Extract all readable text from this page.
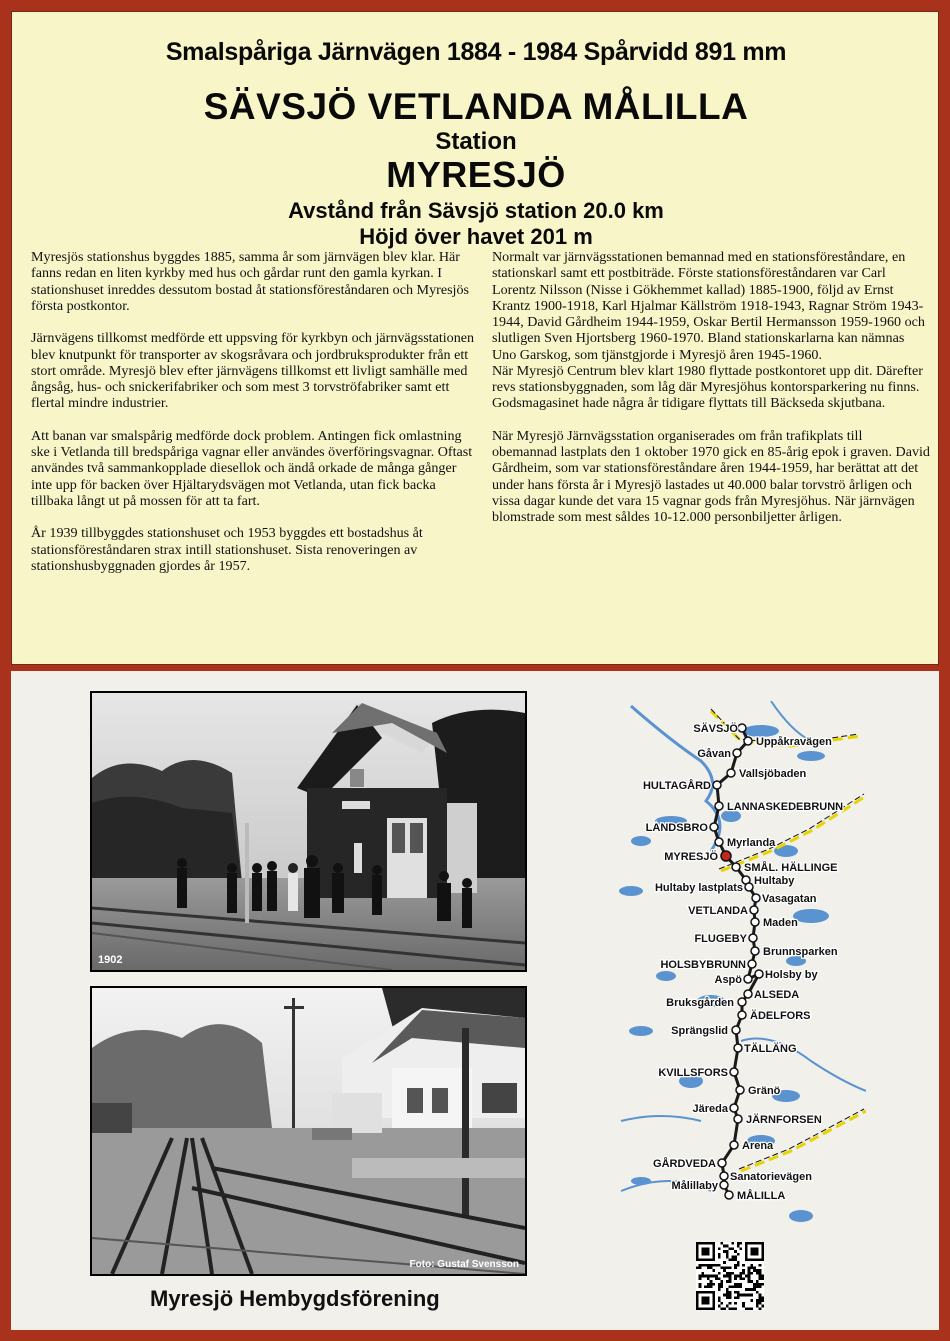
Smalspåriga Järnvägen 1884 - 1984 Spårvidd 891 mm
SÄVSJÖ VETLANDA MÅLILLA
Station
MYRESJÖ
Avstånd från Sävsjö station 20.0 km
Höjd över havet 201 m

Myresjös stationshus byggdes 1885, samma år som järnvägen blev klar. Här fanns redan en liten kyrkby med hus och gårdar runt den gamla kyrkan. I stationshuset inreddes dessutom bostad åt stationsföreståndaren och Myresjös första postkontor.

Järnvägens tillkomst medförde ett uppsving för kyrkbyn och järnvägsstationen blev knutpunkt för transporter av skogsråvara och jordbruksprodukter från ett stort område. Myresjö blev efter järnvägens tillkomst ett livligt samhälle med ångsåg, hus- och snickerifabriker och som mest 3 torvströfabriker samt ett flertal mindre industrier.

Att banan var smalspårig medförde dock problem. Antingen fick omlastning ske i Vetlanda till bredspåriga vagnar eller användes överföringsvagnar. Oftast användes två sammankopplade diesellok och ändå orkade de många gånger inte upp för backen över Hjältarydsvägen mot Vetlanda, utan fick backa tillbaka långt ut på mossen för att ta fart.

År 1939 tillbyggdes stationshuset och 1953 byggdes ett bostadshus åt stationsföreståndaren strax intill stationshuset. Sista renoveringen av stationshusbyggnaden gjordes år 1957.

Normalt var järnvägsstationen bemannad med en stationsföreståndare, en stationskarl samt ett postbiträde. Förste stationsföreståndaren var Carl Lorentz Nilsson (Nisse i Gökhemmet kallad) 1885-1900, följd av Ernst Krantz 1900-1918, Karl Hjalmar Källström 1918-1943, Ragnar Ström 1943-1944, David Gårdheim 1944-1959, Oskar Bertil Hermansson 1959-1960 och slutligen Sven Hjortsberg 1960-1970. Bland stationskarlarna kan nämnas Uno Garskog, som tjänstgjorde i Myresjö åren 1945-1960.

När Myresjö Centrum blev klart 1980 flyttade postkontoret upp dit. Därefter revs stationsbyggnaden, som låg där Myresjöhus kontorsparkering nu finns. Godsmagasinet hade några år tidigare flyttats till Bäckseda skjutbana.

När Myresjö Järnvägsstation organiserades om från trafikplats till obemannad lastplats den 1 oktober 1970 gick en 85-årig epok i graven. David Gårdheim, som var stationsföreståndare åren 1944-1959, har berättat att det under hans första år i Myresjö lastades ut 40.000 balar torvströ årligen och vissa dagar kunde det vara 15 vagnar gods från Myresjöhus. När järnvägen blomstrade som mest såldes 10-12.000 personbiljetter årligen.

1902
Foto: Gustaf Svensson
Myresjö Hembygdsförening
SÄVSJÖ
Uppåkravägen
Gåvan
Vallsjöbaden
HULTAGÅRD
LANNASKEDEBRUNN
LANDSBRO
Myrlanda
MYRESJÖ
SMÅL. HÄLLINGE
Hultaby
Hultaby lastplats
Vasagatan
VETLANDA
Maden
FLUGEBY
Brunnsparken
HOLSBYBRUNN
Aspö Holsby by
ALSEDA
Bruksgården
ÄDELFORS
Sprängslid
TÄLLÄNG
KVILLSFORS
Gränö
Järeda
JÄRNFORSEN
Arena
GÅRDVEDA
Sanatorievägen
Målillaby
MÅLILLA
